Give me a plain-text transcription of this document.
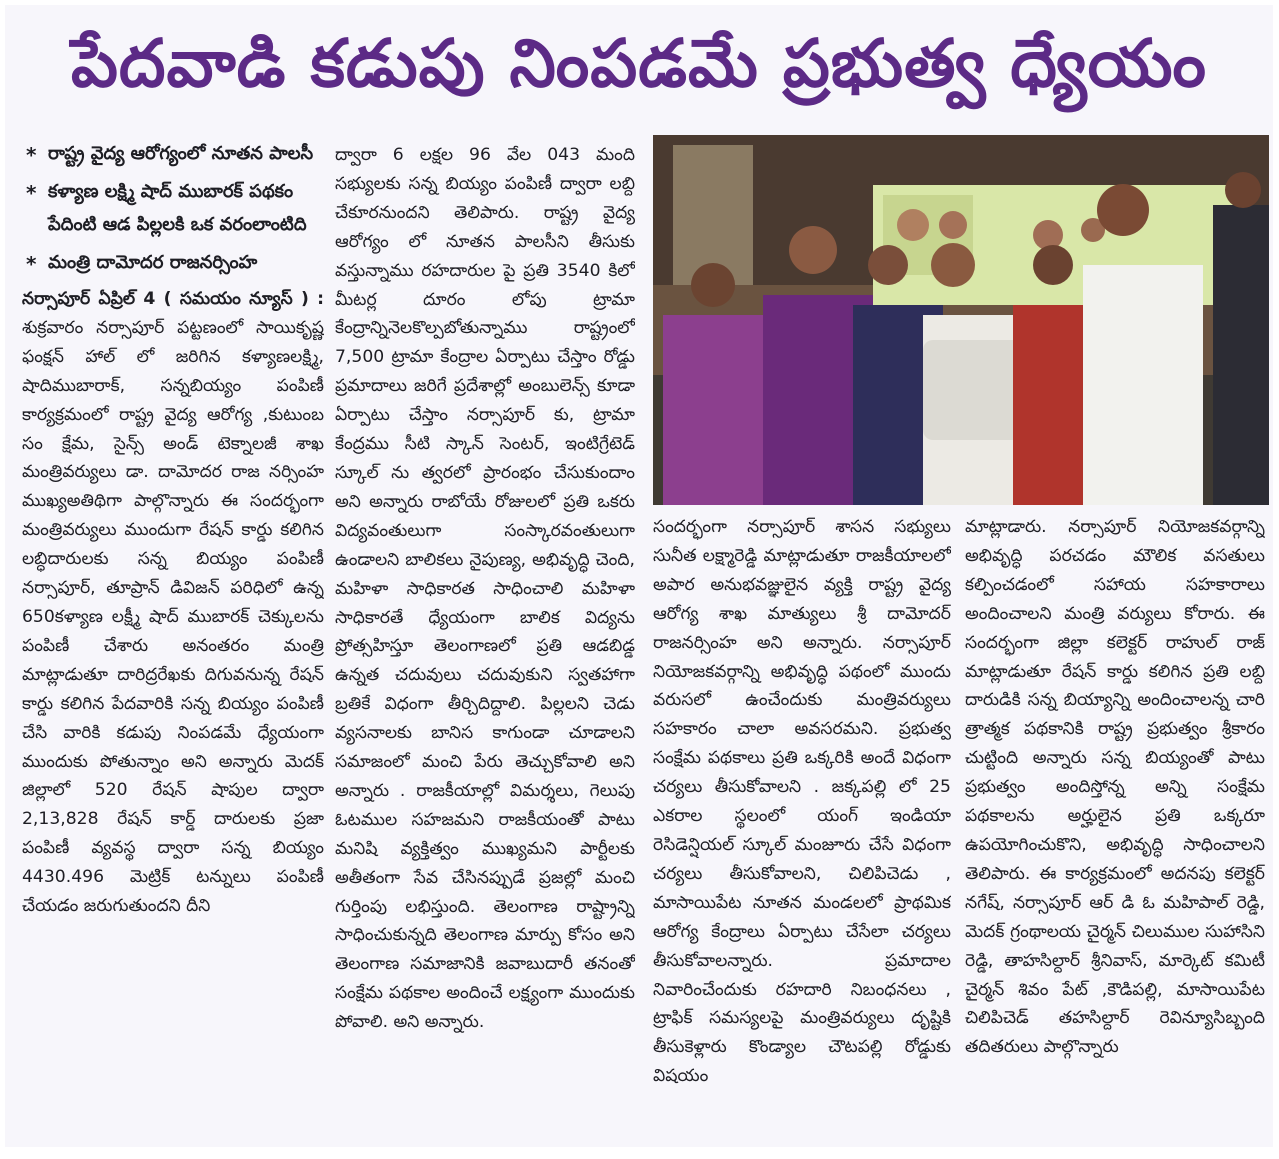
పేదవాడి కడుపు నింపడమే ప్రభుత్వ ధ్యేయం
* రాష్ట్ర వైద్య ఆరోగ్యంలో నూతన పాలసీ
* కళ్యాణ లక్ష్మి షాద్ ముబారక్ పథకం పేదింటి ఆడ పిల్లలకి ఒక వరంలాంటిది
* మంత్రి దామోదర రాజనర్సింహ

నర్సాపూర్ ఏప్రిల్ 4 ( సమయం న్యూస్ ) : శుక్రవారం నర్సాపూర్ పట్టణంలో సాయికృష్ణ ఫంక్షన్ హాల్ లో జరిగిన కళ్యాణలక్ష్మి, షాదిముబారాక్, సన్నబియ్యం పంపిణీ కార్యక్రమంలో రాష్ట్ర వైద్య ఆరోగ్య ,కుటుంబ సం క్షేమ, సైన్స్ అండ్ టెక్నాలజీ శాఖ మంత్రివర్యులు డా. దామోదర రాజ నర్సింహ ముఖ్యఅతిథిగా పాల్గొన్నారు ఈ సందర్భంగా మంత్రివర్యులు ముందుగా రేషన్ కార్డు కలిగిన లబ్ధిదారులకు సన్న బియ్యం పంపిణీ నర్సాపూర్, తూప్రాన్ డివిజన్ పరిధిలో ఉన్న 650కళ్యాణ లక్ష్మీ షాద్ ముబారక్ చెక్కులను పంపిణీ చేశారు అనంతరం మంత్రి మాట్లాడుతూ దారిద్రరేఖకు దిగువనున్న రేషన్ కార్డు కలిగిన పేదవారికి సన్న బియ్యం పంపిణీ చేసి వారికి కడుపు నింపడమే ధ్యేయంగా ముందుకు పోతున్నాం అని అన్నారు మెదక్ జిల్లాలో 520 రేషన్ షాపుల ద్వారా 2,13,828 రేషన్ కార్డ్ దారులకు ప్రజా పంపిణీ వ్యవస్థ ద్వారా సన్న బియ్యం 4430.496 మెట్రిక్ టన్నులు పంపిణీ చేయడం జరుగుతుందని దీని

ద్వారా 6 లక్షల 96 వేల 043 మంది సభ్యులకు సన్న బియ్యం పంపిణీ ద్వారా లబ్ది చేకూరనుందని తెలిపారు. రాష్ట్ర వైద్య ఆరోగ్యం లో నూతన పాలసీని తీసుకు వస్తున్నాము రహదారుల పై ప్రతి 3540 కిలో మీటర్ల దూరం లోపు ట్రామా కేంద్రాన్నినెలకొల్పబోతున్నాము రాష్ట్రంలో 7,500 ట్రామా కేంద్రాల ఏర్పాటు చేస్తాం రోడ్డు ప్రమాదాలు జరిగే ప్రదేశాల్లో అంబులెన్స్ కూడా ఏర్పాటు చేస్తాం నర్సాపూర్ కు, ట్రామా కేంద్రము సీటి స్కాన్ సెంటర్, ఇంటిగ్రేటెడ్ స్కూల్ ను త్వరలో ప్రారంభం చేసుకుందాం అని అన్నారు రాబోయే రోజులలో ప్రతి ఒకరు విద్యవంతులుగా సంస్కారవంతులుగా ఉండాలని బాలికలు నైపుణ్య, అభివృద్ధి చెంది, మహిళా సాధికారత సాధించాలి మహిళా సాధికారతే ధ్యేయంగా బాలిక విద్యను ప్రోత్సహిస్తూ తెలంగాణలో ప్రతి ఆడబిడ్డ ఉన్నత చదువులు చదువుకుని స్వతహాగా బ్రతికే విధంగా తీర్చిదిద్దాలి. పిల్లలని చెడు వ్యసనాలకు బానిస కాగుండా చూడాలని సమాజంలో మంచి పేరు తెచ్చుకోవాలి అని అన్నారు . రాజకీయాల్లో విమర్శలు, గెలుపు ఓటముల సహజమని రాజకీయంతో పాటు మనిషి వ్యక్తిత్వం ముఖ్యమని పార్టీలకు అతీతంగా సేవ చేసినప్పుడే ప్రజల్లో మంచి గుర్తింపు లభిస్తుంది. తెలంగాణ రాష్ట్రాన్ని సాధించుకున్నది తెలంగాణ మార్పు కోసం అని తెలంగాణ సమాజానికి జవాబుదారీ తనంతో సంక్షేమ పథకాల అందించే లక్ష్యంగా ముందుకు పోవాలి. అని అన్నారు.

సందర్భంగా నర్సాపూర్ శాసన సభ్యులు సునీత లక్ష్మారెడ్డి మాట్లాడుతూ రాజకీయాలలో అపార అనుభవజ్ఞులైన వ్యక్తి రాష్ట్ర వైద్య ఆరోగ్య శాఖ మాత్యులు శ్రీ దామోదర్ రాజనర్సింహ అని అన్నారు. నర్సాపూర్ నియోజకవర్గాన్ని అభివృద్ధి పథంలో ముందు వరుసలో ఉంచేందుకు మంత్రివర్యులు సహకారం చాలా అవసరమని. ప్రభుత్వ సంక్షేమ పథకాలు ప్రతి ఒక్కరికి అందే విధంగా చర్యలు తీసుకోవాలని . జక్కపల్లి లో 25 ఎకరాల స్థలంలో యంగ్ ఇండియా రెసిడెన్షియల్ స్కూల్ మంజూరు చేసే విధంగా చర్యలు తీసుకోవాలని, చిలిపిచెడు , మాసాయిపేట నూతన మండలలో ప్రాథమిక ఆరోగ్య కేంద్రాలు ఏర్పాటు చేసేలా చర్యలు తీసుకోవాలన్నారు. ప్రమాదాల నివారించేందుకు రహదారి నిబంధనలు , ట్రాఫిక్ సమస్యలపై మంత్రివర్యులు దృష్టికి తీసుకెళ్లారు కొండ్యాల చౌటపల్లి రోడ్డుకు విషయం

మాట్లాడారు. నర్సాపూర్ నియోజకవర్గాన్ని అభివృద్ధి పరచడం మౌలిక వసతులు కల్పించడంలో సహాయ సహకారాలు అందించాలని మంత్రి వర్యులు కోరారు. ఈ సందర్భంగా జిల్లా కలెక్టర్ రాహుల్ రాజ్ మాట్లాడుతూ రేషన్ కార్డు కలిగిన ప్రతి లబ్ది దారుడికి సన్న బియ్యాన్ని అందించాలన్న చారి త్రాత్మక పథకానికి రాష్ట్ర ప్రభుత్వం శ్రీకారం చుట్టింది అన్నారు సన్న బియ్యంతో పాటు ప్రభుత్వం అందిస్తోన్న అన్ని సంక్షేమ పథకాలను అర్హులైన ప్రతి ఒక్కరూ ఉపయోగించుకొని, అభివృద్ధి సాధించాలని తెలిపారు. ఈ కార్యక్రమంలో అదనపు కలెక్టర్ నగేష్, నర్సాపూర్ ఆర్ డి ఓ మహిపాల్ రెడ్డి, మెదక్ గ్రంథాలయ చైర్మన్ చిలుముల సుహాసిని రెడ్డి, తాహసిల్దార్ శ్రీనివాస్, మార్కెట్ కమిటీ చైర్మన్ శివం పేట్ ,కౌడిపల్లి, మాసాయిపేట చిలిపిచెడ్ తహసిల్దార్ రెవిన్యూసిబ్బంది తదితరులు పాల్గొన్నారు
